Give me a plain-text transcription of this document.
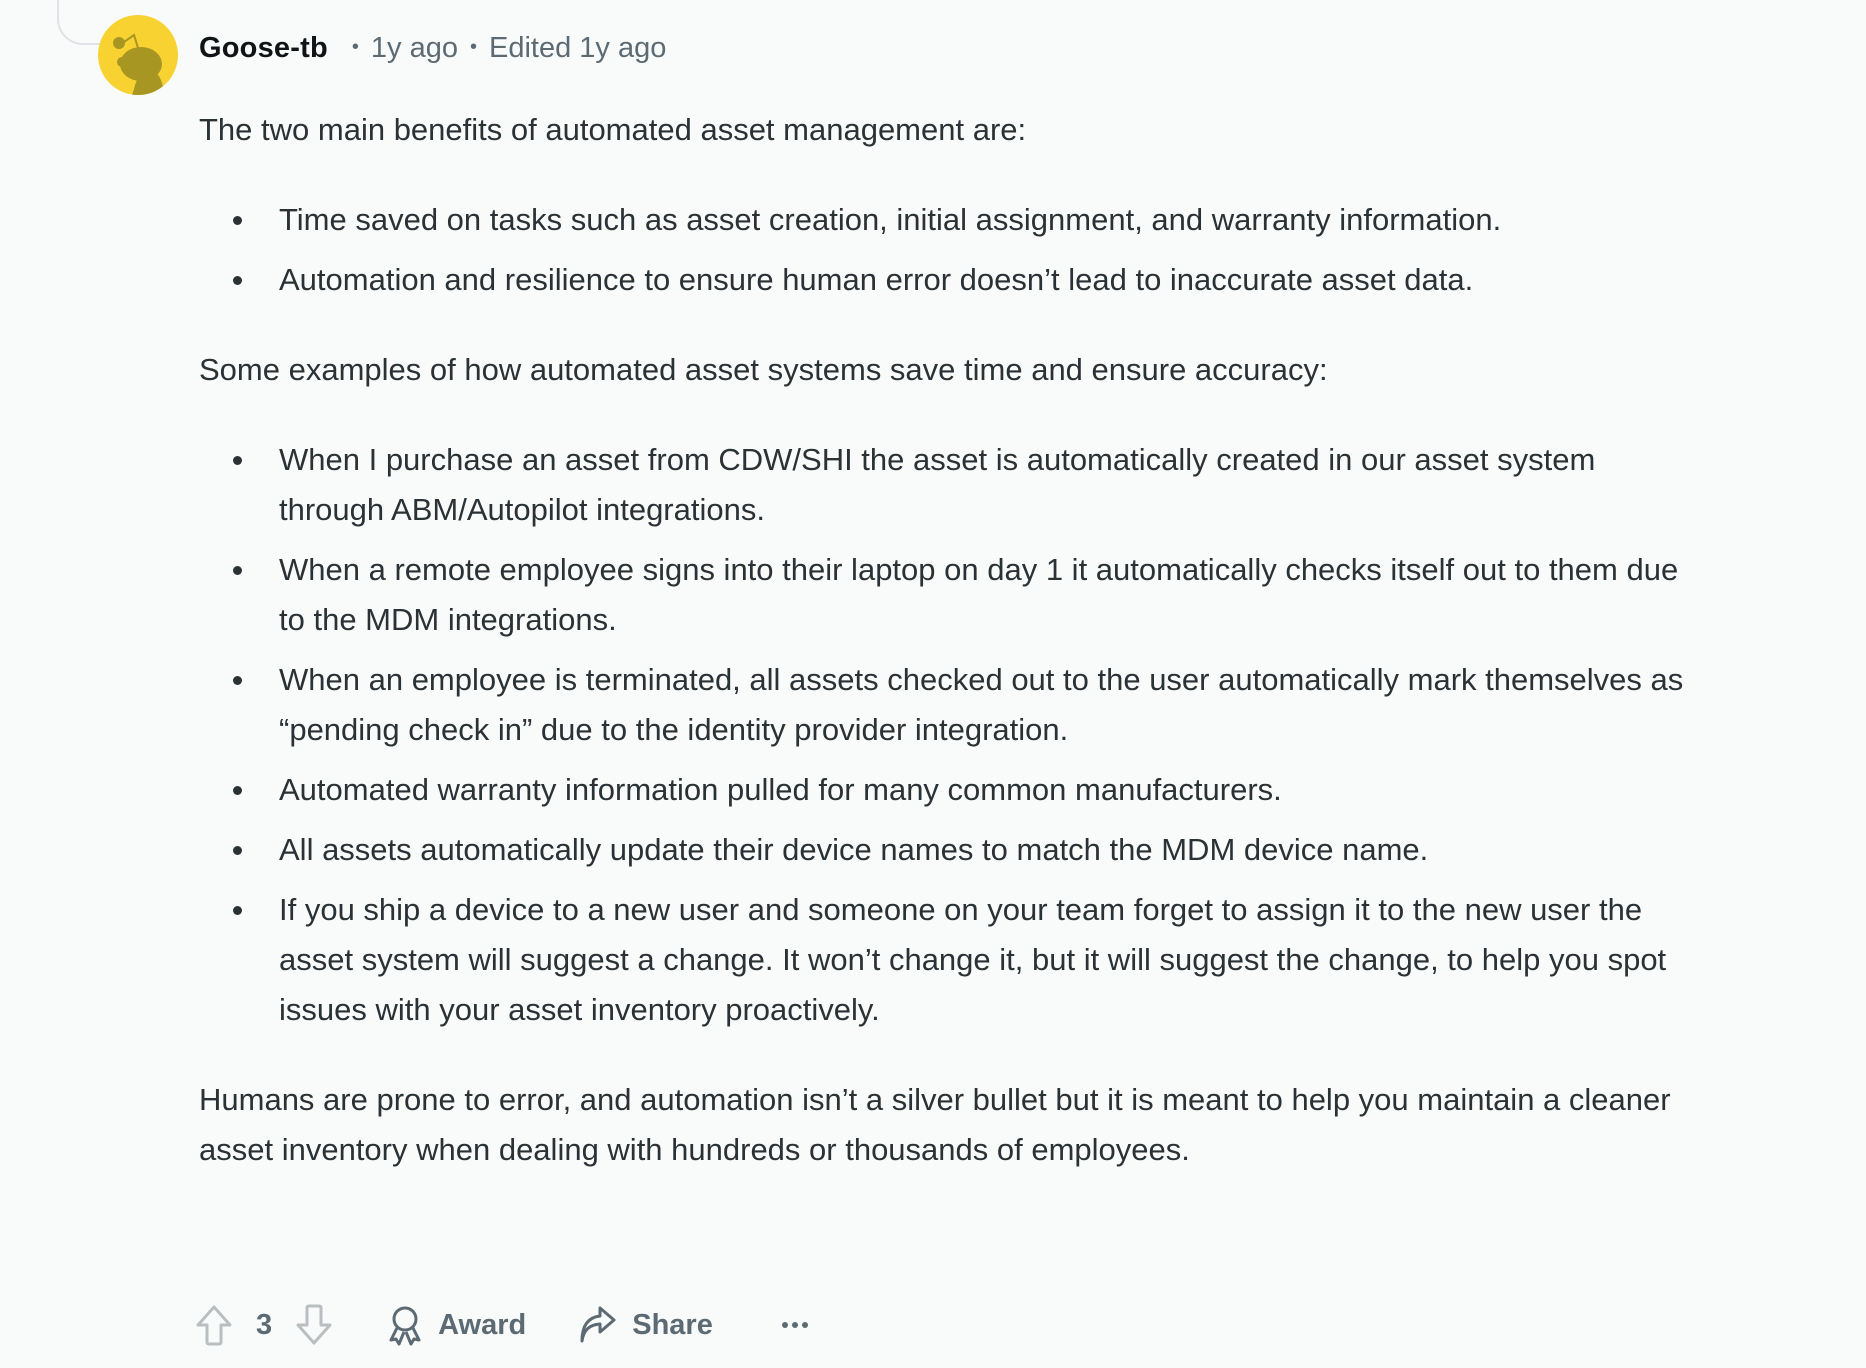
Goose-tb • 1y ago • Edited 1y ago

The two main benefits of automated asset management are:

Time saved on tasks such as asset creation, initial assignment, and warranty information.
Automation and resilience to ensure human error doesn’t lead to inaccurate asset data.

Some examples of how automated asset systems save time and ensure accuracy:

When I purchase an asset from CDW/SHI the asset is automatically created in our asset system through ABM/Autopilot integrations.
When a remote employee signs into their laptop on day 1 it automatically checks itself out to them due to the MDM integrations.
When an employee is terminated, all assets checked out to the user automatically mark themselves as “pending check in” due to the identity provider integration.
Automated warranty information pulled for many common manufacturers.
All assets automatically update their device names to match the MDM device name.
If you ship a device to a new user and someone on your team forget to assign it to the new user the asset system will suggest a change. It won’t change it, but it will suggest the change, to help you spot issues with your asset inventory proactively.

Humans are prone to error, and automation isn’t a silver bullet but it is meant to help you maintain a cleaner asset inventory when dealing with hundreds or thousands of employees.

3	Award	Share
